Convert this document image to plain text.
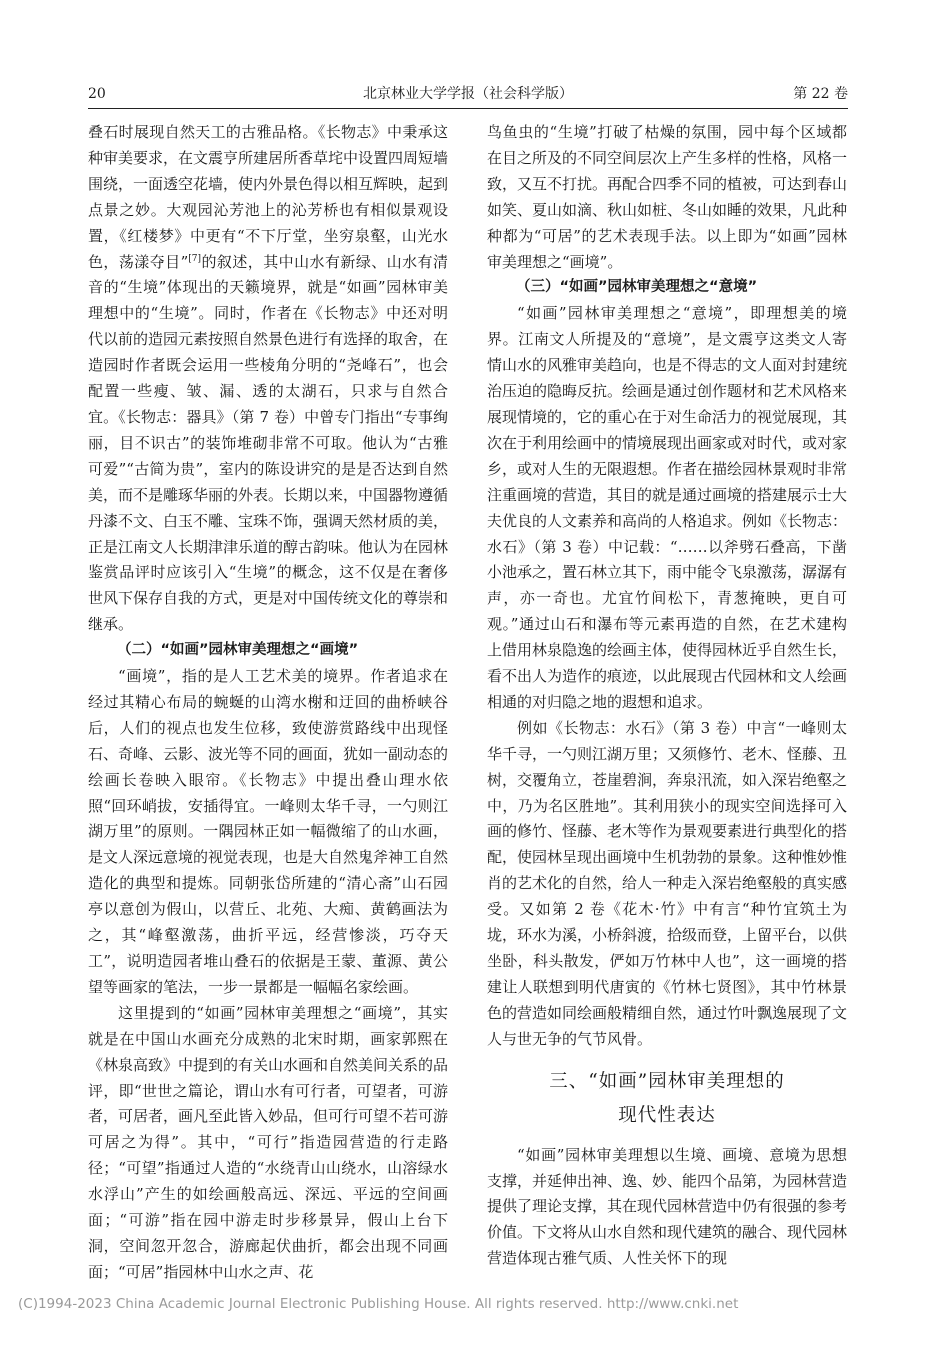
20	北京林业大学学报（社会科学版）	第 22 卷

叠石时展现自然天工的古雅品格。《长物志》中秉承这种审美要求，在文震亨所建居所香草垞中设置四周短墙围绕，一面透空花墙，使内外景色得以相互辉映，起到点景之妙。大观园沁芳池上的沁芳桥也有相似景观设置，《红楼梦》中更有“不下厅堂，坐穷泉壑，山光水色，荡漾夺目”[7]的叙述，其中山水有新绿、山水有清音的“生境”体现出的天籁境界，就是“如画”园林审美理想中的“生境”。同时，作者在《长物志》中还对明代以前的造园元素按照自然景色进行有选择的取舍，在造园时作者既会运用一些棱角分明的“尧峰石”，也会配置一些瘦、皱、漏、透的太湖石，只求与自然合宜。《长物志：器具》（第 7 卷）中曾专门指出“专事绚丽，目不识古”的装饰堆砌非常不可取。他认为“古雅可爱”“古简为贵”，室内的陈设讲究的是是否达到自然美，而不是雕琢华丽的外表。长期以来，中国器物遵循丹漆不文、白玉不雕、宝珠不饰，强调天然材质的美，正是江南文人长期津津乐道的醇古韵味。他认为在园林鉴赏品评时应该引入“生境”的概念，这不仅是在奢侈世风下保存自我的方式，更是对中国传统文化的尊崇和继承。

（二）“如画”园林审美理想之“画境”

“画境”，指的是人工艺术美的境界。作者追求在经过其精心布局的蜿蜒的山湾水榭和迂回的曲桥峡谷后，人们的视点也发生位移，致使游赏路线中出现怪石、奇峰、云影、波光等不同的画面，犹如一副动态的绘画长卷映入眼帘。《长物志》中提出叠山理水依照“回环峭拔，安插得宜。一峰则太华千寻，一勺则江湖万里”的原则。一隅园林正如一幅微缩了的山水画，是文人深远意境的视觉表现，也是大自然鬼斧神工自然造化的典型和提炼。同朝张岱所建的“清心斋”山石园亭以意创为假山，以营丘、北苑、大痴、黄鹤画法为之，其“峰壑激荡，曲折平远，经营惨淡，巧夺天工”，说明造园者堆山叠石的依据是王蒙、董源、黄公望等画家的笔法，一步一景都是一幅幅名家绘画。

这里提到的“如画”园林审美理想之“画境”，其实就是在中国山水画充分成熟的北宋时期，画家郭熙在《林泉高致》中提到的有关山水画和自然美间关系的品评，即“世世之篇论，谓山水有可行者，可望者，可游者，可居者，画凡至此皆入妙品，但可行可望不若可游可居之为得”。其中，“可行”指造园营造的行走路径；“可望”指通过人造的“水绕青山山绕水，山溶绿水水浮山”产生的如绘画般高远、深远、平远的空间画面；“可游”指在园中游走时步移景异，假山上台下洞，空间忽开忽合，游廊起伏曲折，都会出现不同画面；“可居”指园林中山水之声、花

鸟鱼虫的“生境”打破了枯燥的氛围，园中每个区域都在目之所及的不同空间层次上产生多样的性格，风格一致，又互不打扰。再配合四季不同的植被，可达到春山如笑、夏山如滴、秋山如桩、冬山如睡的效果，凡此种种都为“可居”的艺术表现手法。以上即为“如画”园林审美理想之“画境”。

（三）“如画”园林审美理想之“意境”

“如画”园林审美理想之“意境”，即理想美的境界。江南文人所提及的“意境”，是文震亨这类文人寄情山水的风雅审美趋向，也是不得志的文人面对封建统治压迫的隐晦反抗。绘画是通过创作题材和艺术风格来展现情境的，它的重心在于对生命活力的视觉展现，其次在于利用绘画中的情境展现出画家或对时代，或对家乡，或对人生的无限遐想。作者在描绘园林景观时非常注重画境的营造，其目的就是通过画境的搭建展示士大夫优良的人文素养和高尚的人格追求。例如《长物志：水石》（第 3 卷）中记载：“……以斧劈石叠高，下凿小池承之，置石林立其下，雨中能令飞泉激荡，潺潺有声，亦一奇也。尤宜竹间松下，青葱掩映，更自可观。”通过山石和瀑布等元素再造的自然，在艺术建构上借用林泉隐逸的绘画主体，使得园林近乎自然生长，看不出人为造作的痕迹，以此展现古代园林和文人绘画相通的对归隐之地的遐想和追求。

例如《长物志：水石》（第 3 卷）中言“一峰则太华千寻，一勺则江湖万里；又须修竹、老木、怪藤、丑树，交覆角立，苍崖碧涧，奔泉汛流，如入深岩绝壑之中，乃为名区胜地”。其利用狭小的现实空间选择可入画的修竹、怪藤、老木等作为景观要素进行典型化的搭配，使园林呈现出画境中生机勃勃的景象。这种惟妙惟肖的艺术化的自然，给人一种走入深岩绝壑般的真实感受。又如第 2 卷《花木·竹》中有言“种竹宜筑土为垅，环水为溪，小桥斜渡，拾级而登，上留平台，以供坐卧，科头散发，俨如万竹林中人也”，这一画境的搭建让人联想到明代唐寅的《竹林七贤图》，其中竹林景色的营造如同绘画般精细自然，通过竹叶飘逸展现了文人与世无争的气节风骨。

三、“如画”园林审美理想的
现代性表达

“如画”园林审美理想以生境、画境、意境为思想支撑，并延伸出神、逸、妙、能四个品第，为园林营造提供了理论支撑，其在现代园林营造中仍有很强的参考价值。下文将从山水自然和现代建筑的融合、现代园林营造体现古雅气质、人性关怀下的现

(C)1994-2023 China Academic Journal Electronic Publishing House. All rights reserved. http://www.cnki.net
